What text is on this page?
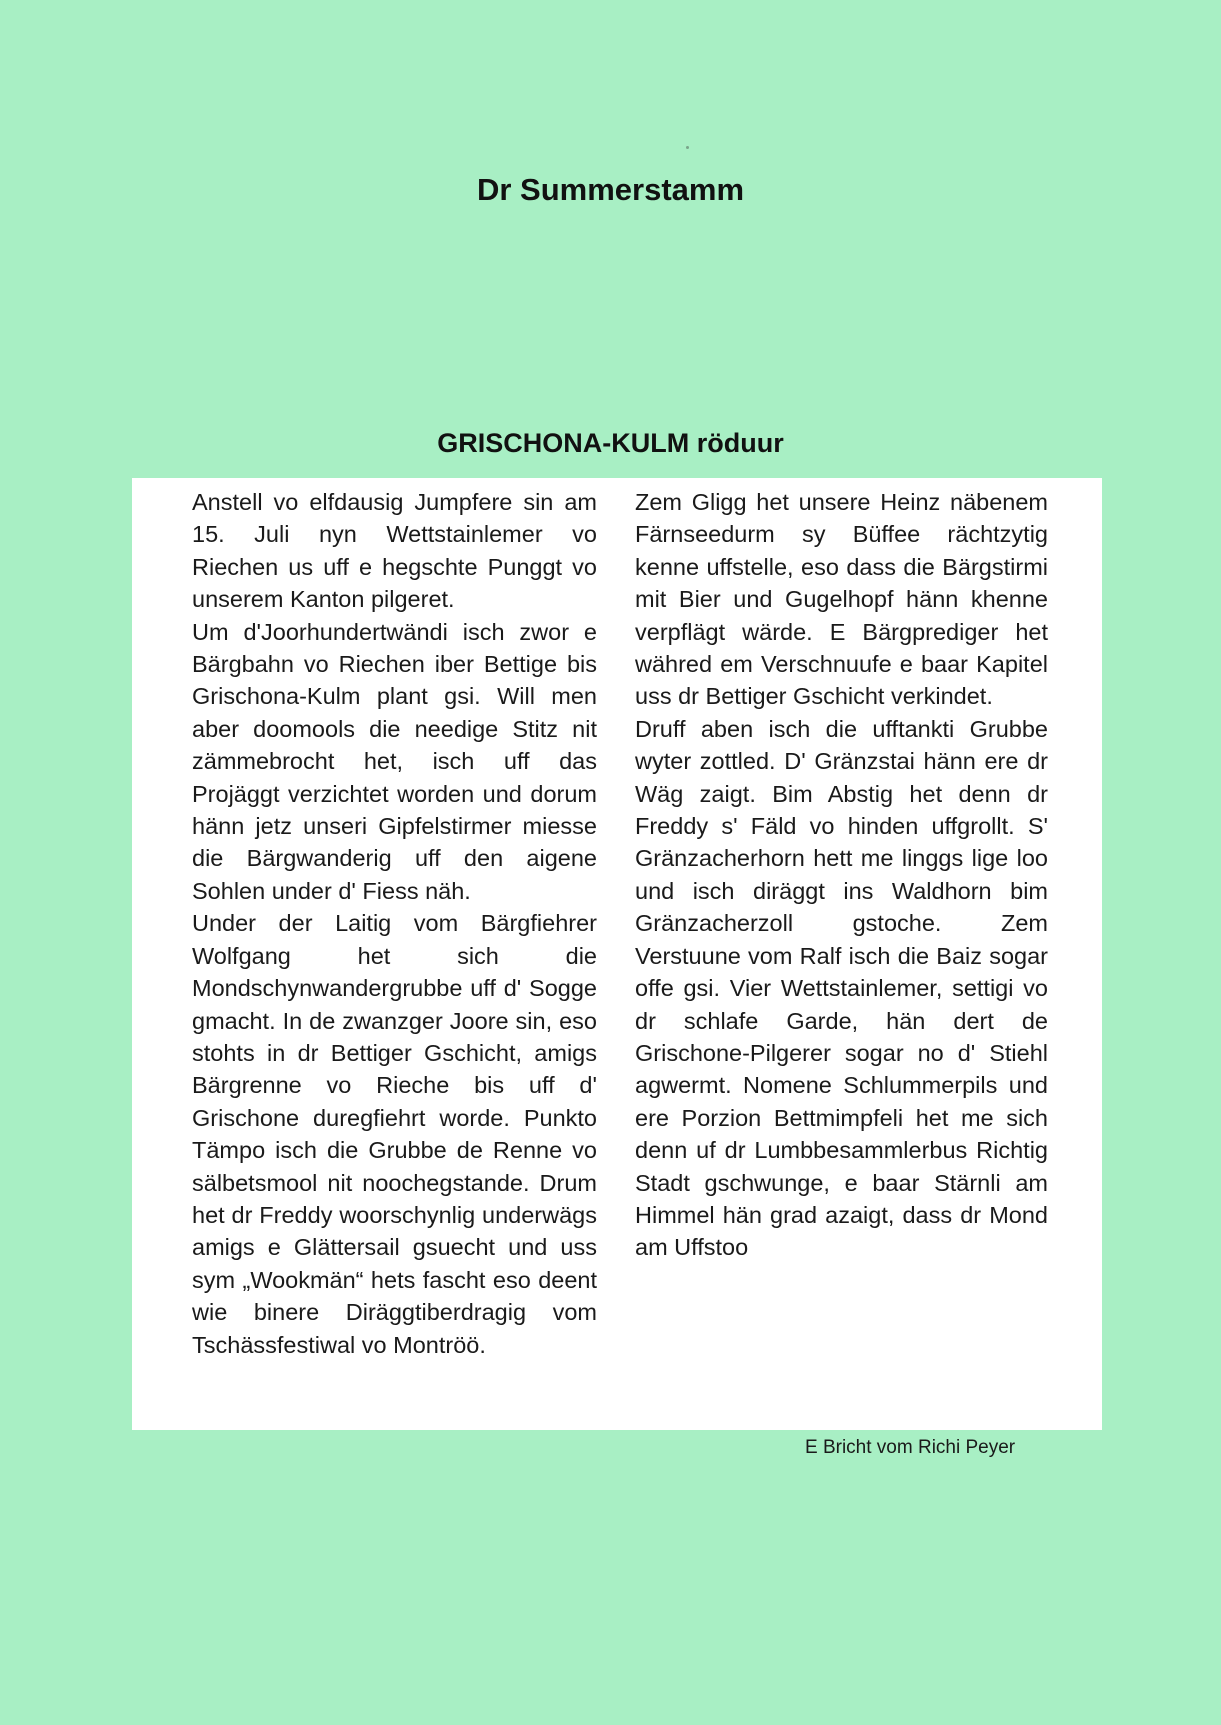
Dr Summerstamm
GRISCHONA-KULM röduur

Anstell vo elfdausig Jumpfere sin am 15. Juli nyn Wettstainlemer vo Riechen us uff e hegschte Punggt vo unserem Kanton pilgeret.

Um d'Joorhundertwändi isch zwor e Bärgbahn vo Riechen iber Bettige bis Grischona-Kulm plant gsi. Will men aber doomools die needige Stitz nit zämmebrocht het, isch uff das Projäggt verzichtet worden und dorum hänn jetz unseri Gipfelstirmer miesse die Bärgwanderig uff den aigene Sohlen under d' Fiess näh.

Under der Laitig vom Bärgfiehrer Wolfgang het sich die Mondschynwandergrubbe uff d' Sogge gmacht. In de zwanzger Joore sin, eso stohts in dr Bettiger Gschicht, amigs Bärgrenne vo Rieche bis uff d' Grischone duregfiehrt worde. Punkto Tämpo isch die Grubbe de Renne vo sälbetsmool nit noochegstande. Drum het dr Freddy woorschynlig underwägs amigs e Glättersail gsuecht und uss sym „Wookmän“ hets fascht eso deent wie binere Diräggtiberdragig vom Tschässfestiwal vo Montröö.

Zem Gligg het unsere Heinz näbenem Färnseedurm sy Büffee rächtzytig kenne uffstelle, eso dass die Bärgstirmi mit Bier und Gugelhopf hänn khenne verpflägt wärde. E Bärgprediger het währed em Verschnuufe e baar Kapitel uss dr Bettiger Gschicht verkindet.

Druff aben isch die ufftankti Grubbe wyter zottled. D' Gränzstai hänn ere dr Wäg zaigt. Bim Abstig het denn dr Freddy s' Fäld vo hinden uffgrollt. S' Gränzacherhorn hett me linggs lige loo und isch diräggt ins Waldhorn bim Gränzacherzoll gstoche. Zem Verstuune vom Ralf isch die Baiz sogar offe gsi. Vier Wettstainlemer, settigi vo dr schlafe Garde, hän dert de Grischone-Pilgerer sogar no d' Stiehl agwermt. Nomene Schlummerpils und ere Porzion Bettmimpfeli het me sich denn uf dr Lumbbesammlerbus Richtig Stadt gschwunge, e baar Stärnli am Himmel hän grad azaigt, dass dr Mond am Uffstoo

E Bricht vom Richi Peyer
